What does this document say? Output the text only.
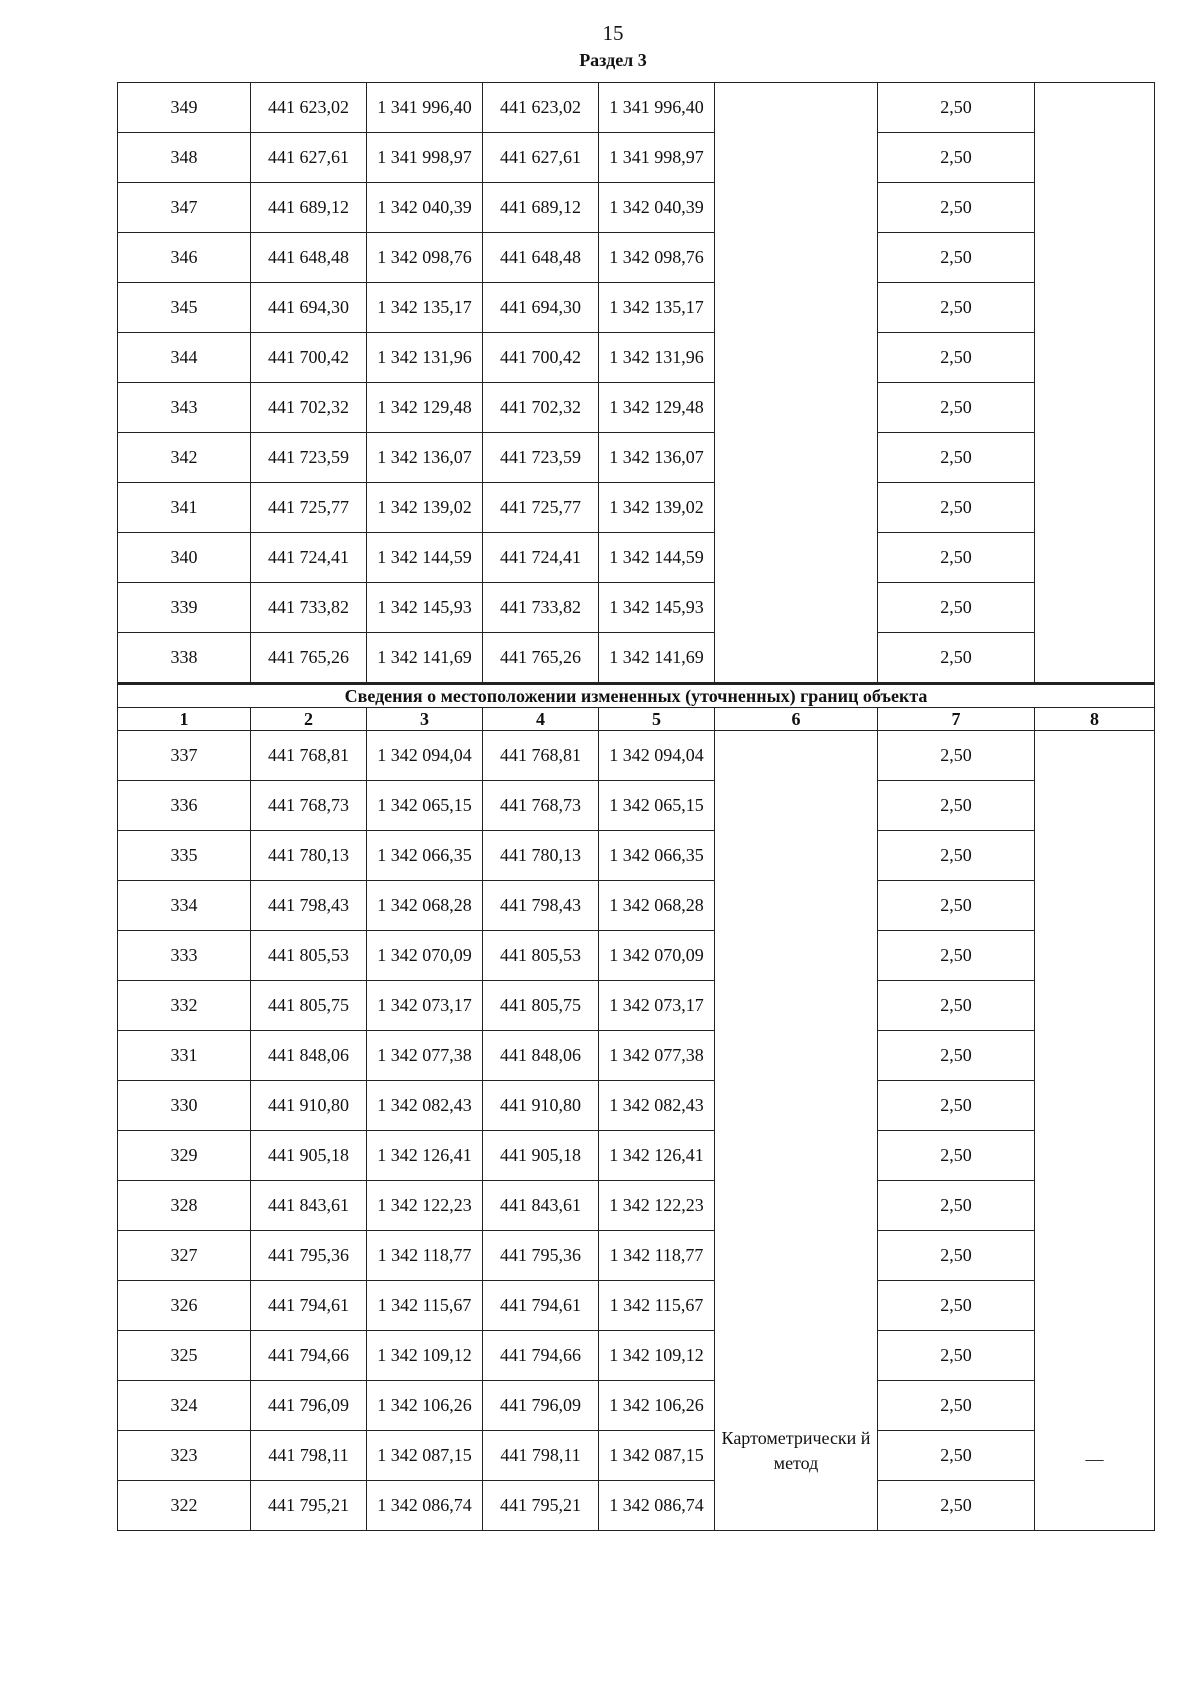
15
Раздел 3
349	441 623,02	1 341 996,40	441 623,02	1 341 996,40		2,50	
348	441 627,61	1 341 998,97	441 627,61	1 341 998,97		2,50	
347	441 689,12	1 342 040,39	441 689,12	1 342 040,39		2,50	
346	441 648,48	1 342 098,76	441 648,48	1 342 098,76		2,50	
345	441 694,30	1 342 135,17	441 694,30	1 342 135,17		2,50	
344	441 700,42	1 342 131,96	441 700,42	1 342 131,96		2,50	
343	441 702,32	1 342 129,48	441 702,32	1 342 129,48		2,50	
342	441 723,59	1 342 136,07	441 723,59	1 342 136,07		2,50	
341	441 725,77	1 342 139,02	441 725,77	1 342 139,02		2,50	
340	441 724,41	1 342 144,59	441 724,41	1 342 144,59		2,50	
339	441 733,82	1 342 145,93	441 733,82	1 342 145,93		2,50	
338	441 765,26	1 342 141,69	441 765,26	1 342 141,69		2,50	
Сведения о местоположении измененных (уточненных) границ объекта							
1	2	3	4	5	6	7	8
337	441 768,81	1 342 094,04	441 768,81	1 342 094,04	Картометрически й метод	2,50	—
336	441 768,73	1 342 065,15	441 768,73	1 342 065,15		2,50	
335	441 780,13	1 342 066,35	441 780,13	1 342 066,35		2,50	
334	441 798,43	1 342 068,28	441 798,43	1 342 068,28		2,50	
333	441 805,53	1 342 070,09	441 805,53	1 342 070,09		2,50	
332	441 805,75	1 342 073,17	441 805,75	1 342 073,17		2,50	
331	441 848,06	1 342 077,38	441 848,06	1 342 077,38		2,50	
330	441 910,80	1 342 082,43	441 910,80	1 342 082,43		2,50	
329	441 905,18	1 342 126,41	441 905,18	1 342 126,41		2,50	
328	441 843,61	1 342 122,23	441 843,61	1 342 122,23		2,50	
327	441 795,36	1 342 118,77	441 795,36	1 342 118,77		2,50	
326	441 794,61	1 342 115,67	441 794,61	1 342 115,67		2,50	
325	441 794,66	1 342 109,12	441 794,66	1 342 109,12		2,50	
324	441 796,09	1 342 106,26	441 796,09	1 342 106,26		2,50	
323	441 798,11	1 342 087,15	441 798,11	1 342 087,15		2,50	
322	441 795,21	1 342 086,74	441 795,21	1 342 086,74		2,50	
